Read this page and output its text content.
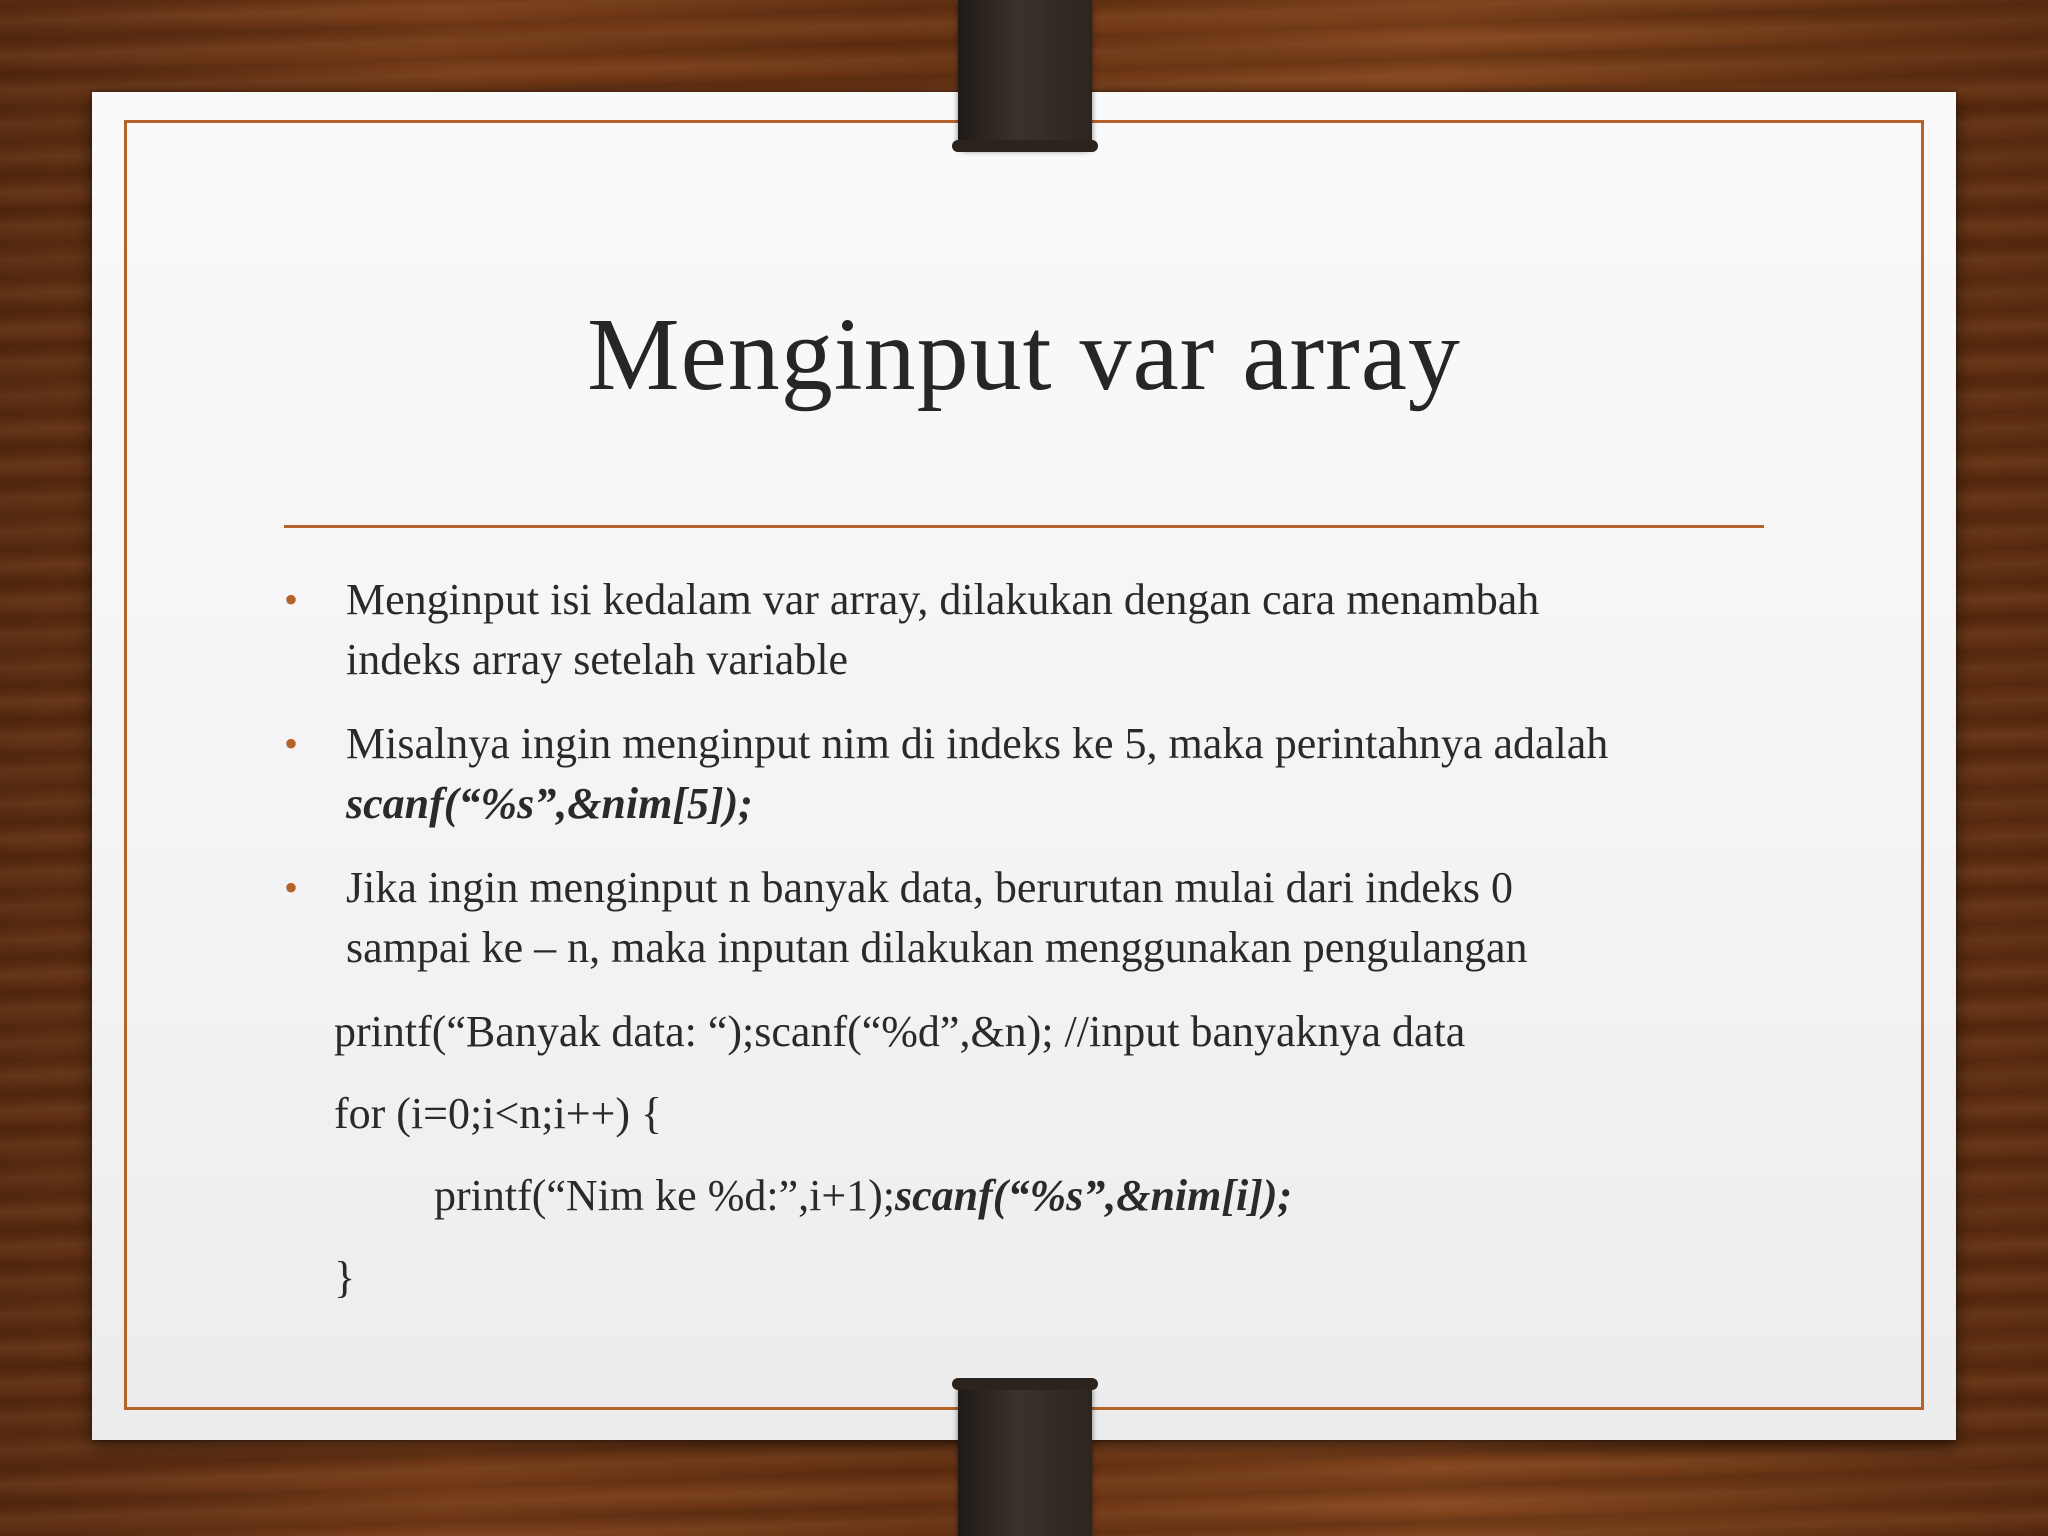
Menginput var array
• Menginput isi kedalam var array, dilakukan dengan cara menambah
indeks array setelah variable
• Misalnya ingin menginput nim di indeks ke 5, maka perintahnya adalah
scanf(“%s”,&nim[5]);
• Jika ingin menginput n banyak data, berurutan mulai dari indeks 0
sampai ke – n, maka inputan dilakukan menggunakan pengulangan
printf(“Banyak data: “);scanf(“%d”,&n); //input banyaknya data
for (i=0;i<n;i++) {
printf(“Nim ke %d:”,i+1);scanf(“%s”,&nim[i]);
}
